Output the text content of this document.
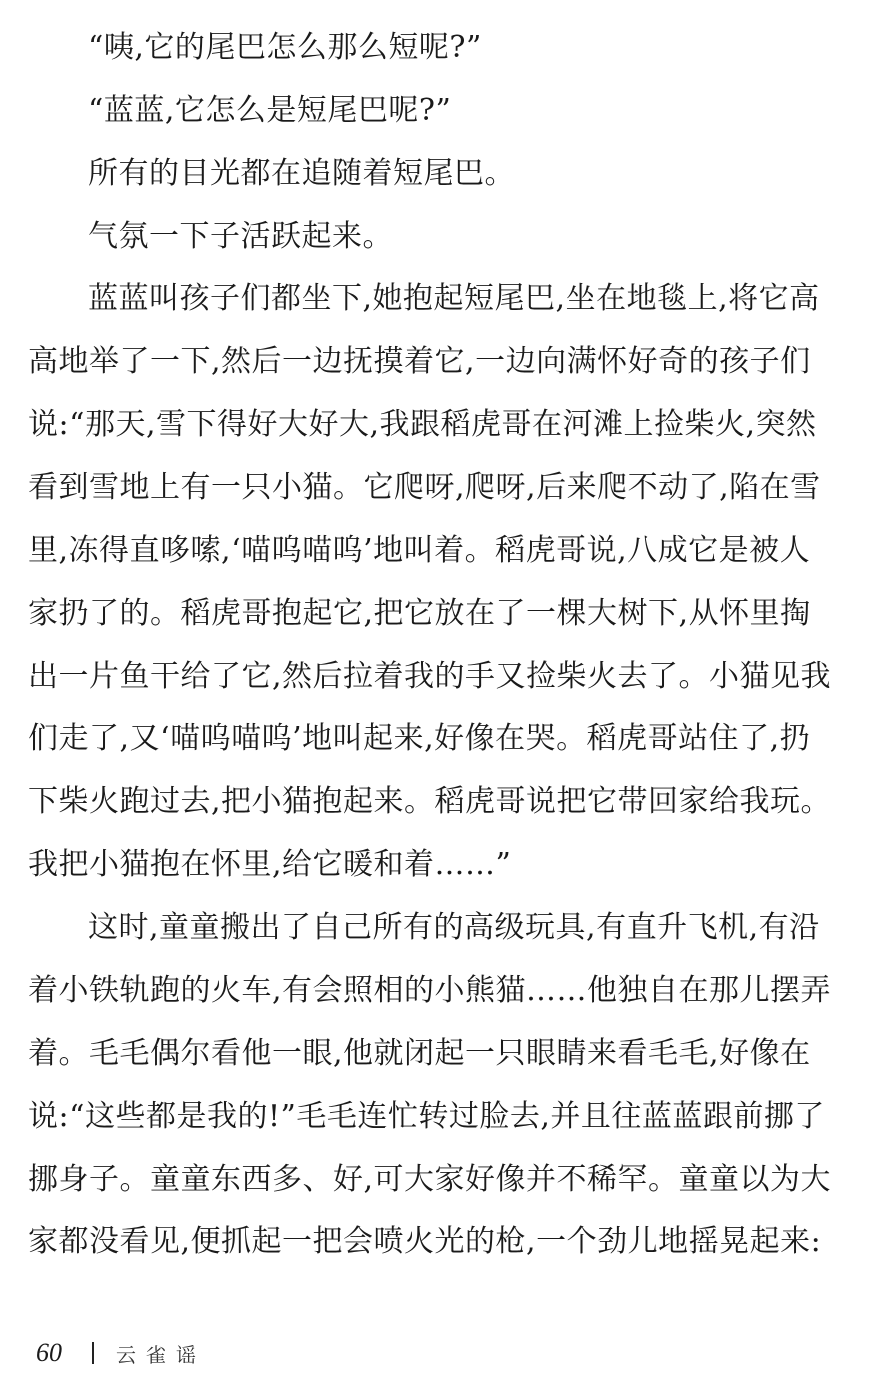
“咦,它的尾巴怎么那么短呢?”
“蓝蓝,它怎么是短尾巴呢?”
所有的目光都在追随着短尾巴。
气氛一下子活跃起来。
蓝蓝叫孩子们都坐下,她抱起短尾巴,坐在地毯上,将它高
高地举了一下,然后一边抚摸着它,一边向满怀好奇的孩子们
说:“那天,雪下得好大好大,我跟稻虎哥在河滩上捡柴火,突然
看到雪地上有一只小猫。它爬呀,爬呀,后来爬不动了,陷在雪
里,冻得直哆嗦,‘喵呜喵呜’地叫着。稻虎哥说,八成它是被人
家扔了的。稻虎哥抱起它,把它放在了一棵大树下,从怀里掏
出一片鱼干给了它,然后拉着我的手又捡柴火去了。小猫见我
们走了,又‘喵呜喵呜’地叫起来,好像在哭。稻虎哥站住了,扔
下柴火跑过去,把小猫抱起来。稻虎哥说把它带回家给我玩。
我把小猫抱在怀里,给它暖和着……”
这时,童童搬出了自己所有的高级玩具,有直升飞机,有沿
着小铁轨跑的火车,有会照相的小熊猫……他独自在那儿摆弄
着。毛毛偶尔看他一眼,他就闭起一只眼睛来看毛毛,好像在
说:“这些都是我的!”毛毛连忙转过脸去,并且往蓝蓝跟前挪了
挪身子。童童东西多、好,可大家好像并不稀罕。童童以为大
家都没看见,便抓起一把会喷火光的枪,一个劲儿地摇晃起来:
60	云雀谣
